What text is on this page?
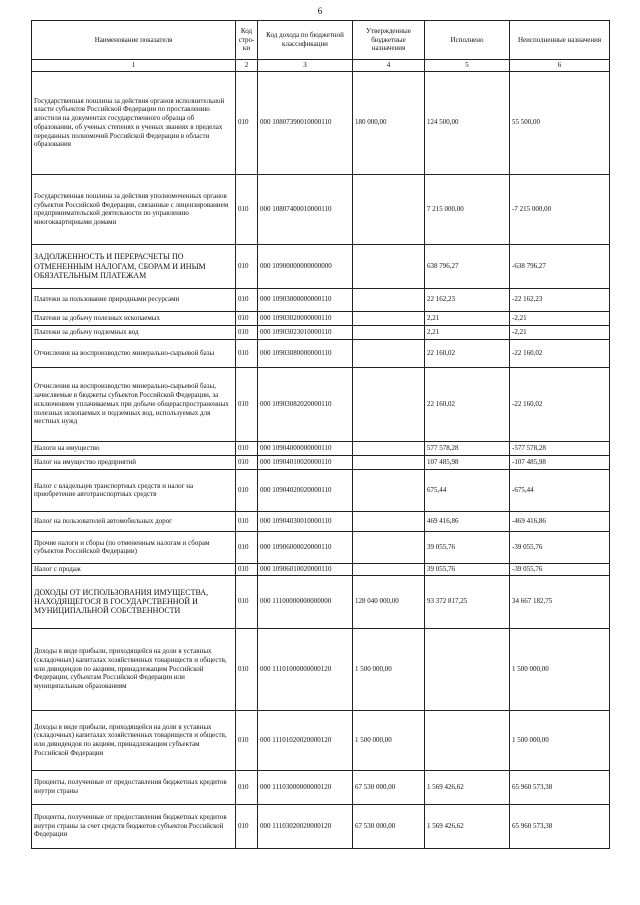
6
Наименование показателя	Код стро- ки	Код дохода по бюджетной классификации	Утвержденные бюджетные назначения	Исполнено	Неисполненные назначения
1	2	3	4	5	6
Государственная пошлина за действия органов исполнительной власти субъектов Российской Федерации по проставлению апостиля на документах государственного образца об образовании, об ученых степенях и ученых званиях в пределах переданных полномочий Российской Федерации в области образования	010	000 10807390010000110	180 000,00	124 500,00	55 500,00
Государственная пошлина за действия уполномоченных органов субъектов Российской Федерации, связанные с лицензированием предпринимательской деятельности по управлению многоквартирными домами	010	000 10807400010000110		7 215 000,00	-7 215 000,00
ЗАДОЛЖЕННОСТЬ И ПЕРЕРАСЧЕТЫ ПО ОТМЕНЕННЫМ НАЛОГАМ, СБОРАМ И ИНЫМ ОБЯЗАТЕЛЬНЫМ ПЛАТЕЖАМ	010	000 10900000000000000		638 796,27	-638 796,27
Платежи за пользование природными ресурсами	010	000 10903000000000110		22 162,23	-22 162,23
Платежи за добычу полезных ископаемых	010	000 10903020000000110		2,21	-2,21
Платежи за добычу подземных вод	010	000 10903023010000110		2,21	-2,21
Отчисления на воспроизводство минерально-сырьевой базы	010	000 10903080000000110		22 160,02	-22 160,02
Отчисления на воспроизводство минерально-сырьевой базы, зачисляемые в бюджеты субъектов Российской Федерации, за исключением уплачиваемых при добыче общераспространенных полезных ископаемых и подземных вод, используемых для местных нужд	010	000 10903082020000110		22 160,02	-22 160,02
Налоги на имущество	010	000 10904000000000110		577 578,28	-577 578,28
Налог на имущество предприятий	010	000 10904010020000110		107 485,98	-107 485,98
Налог с владельцев транспортных средств и налог на приобретение автотранспортных средств	010	000 10904020020000110		675,44	-675,44
Налог на пользователей автомобильных дорог	010	000 10904030010000110		469 416,86	-469 416,86
Прочие налоги и сборы (по отмененным налогам и сборам субъектов Российской Федерации)	010	000 10906000020000110		39 055,76	-39 055,76
Налог с продаж	010	000 10906010020000110		39 055,76	-39 055,76
ДОХОДЫ ОТ ИСПОЛЬЗОВАНИЯ ИМУЩЕСТВА, НАХОДЯЩЕГОСЯ В ГОСУДАРСТВЕННОЙ И МУНИЦИПАЛЬНОЙ СОБСТВЕННОСТИ	010	000 11100000000000000	128 040 000,00	93 372 817,25	34 667 182,75
Доходы в виде прибыли, приходящейся на доли в уставных (складочных) капиталах хозяйственных товариществ и обществ, или дивидендов по акциям, принадлежащим Российской Федерации, субъектам Российской Федерации или муниципальным образованиям	010	000 11101000000000120	1 500 000,00		1 500 000,00
Доходы в виде прибыли, приходящейся на доли в уставных (складочных) капиталах хозяйственных товариществ и обществ, или дивидендов по акциям, принадлежащим субъектам Российской Федерации	010	000 11101020020000120	1 500 000,00		1 500 000,00
Проценты, полученные от предоставления бюджетных кредитов внутри страны	010	000 11103000000000120	67 530 000,00	1 569 426,62	65 960 573,38
Проценты, полученные от предоставления бюджетных кредитов внутри страны за счет средств бюджетов субъектов Российской Федерации	010	000 11103020020000120	67 530 000,00	1 569 426,62	65 960 573,38
